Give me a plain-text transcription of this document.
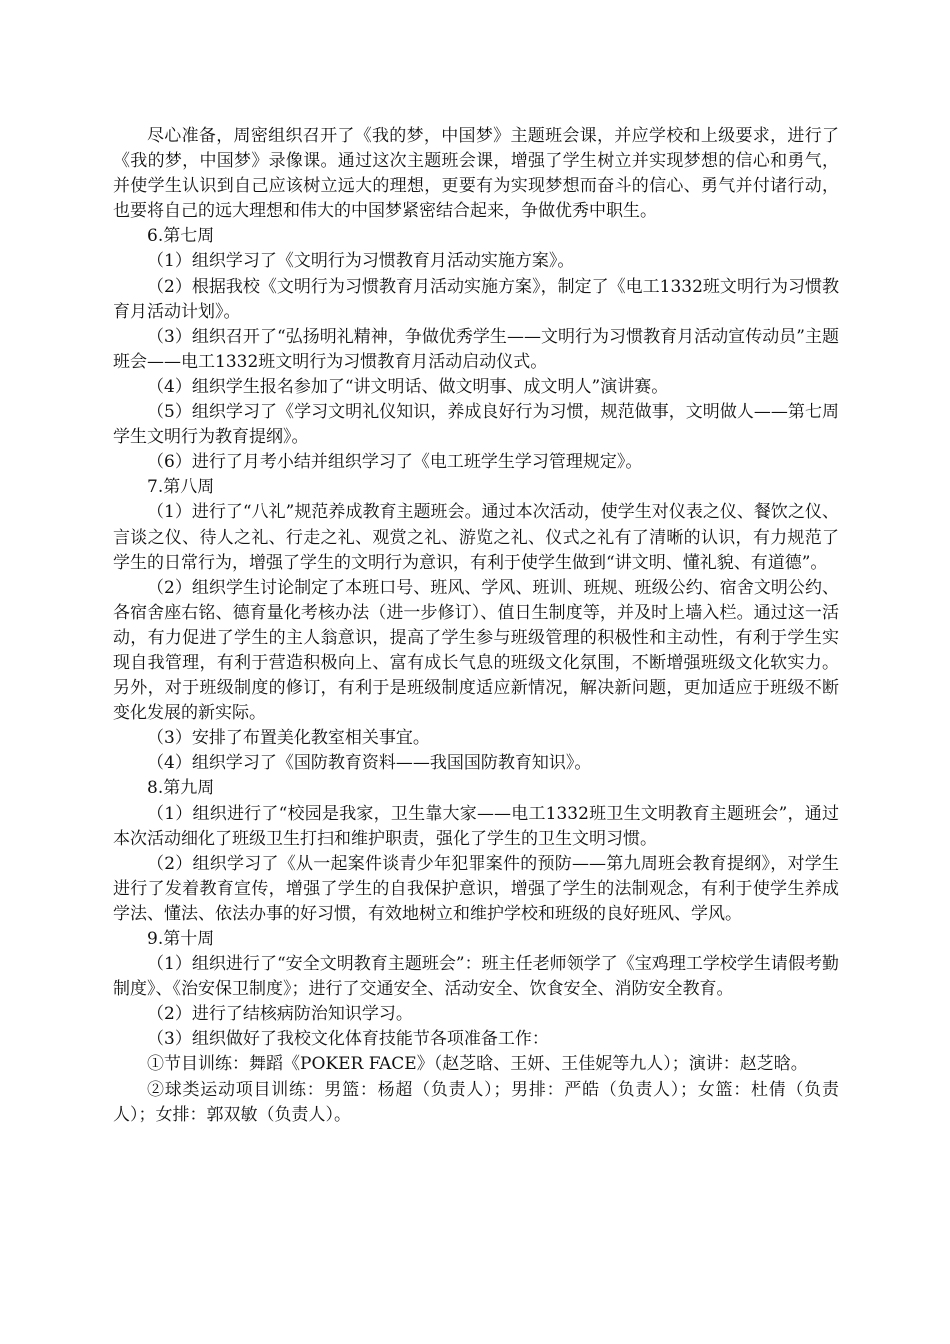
尽心准备，周密组织召开了《我的梦，中国梦》主题班会课，并应学校和上级要求，进行了《我的梦，中国梦》录像课。通过这次主题班会课，增强了学生树立并实现梦想的信心和勇气，并使学生认识到自己应该树立远大的理想，更要有为实现梦想而奋斗的信心、勇气并付诸行动，也要将自己的远大理想和伟大的中国梦紧密结合起来，争做优秀中职生。

6.第七周

（1）组织学习了《文明行为习惯教育月活动实施方案》。

（2）根据我校《文明行为习惯教育月活动实施方案》，制定了《电工1332班文明行为习惯教育月活动计划》。

（3）组织召开了“弘扬明礼精神，争做优秀学生——文明行为习惯教育月活动宣传动员”主题班会——电工1332班文明行为习惯教育月活动启动仪式。

（4）组织学生报名参加了“讲文明话、做文明事、成文明人”演讲赛。

（5）组织学习了《学习文明礼仪知识，养成良好行为习惯，规范做事，文明做人——第七周学生文明行为教育提纲》。

（6）进行了月考小结并组织学习了《电工班学生学习管理规定》。

7.第八周

（1）进行了“八礼”规范养成教育主题班会。通过本次活动，使学生对仪表之仪、餐饮之仪、言谈之仪、待人之礼、行走之礼、观赏之礼、游览之礼、仪式之礼有了清晰的认识，有力规范了学生的日常行为，增强了学生的文明行为意识，有利于使学生做到“讲文明、懂礼貌、有道德”。

（2）组织学生讨论制定了本班口号、班风、学风、班训、班规、班级公约、宿舍文明公约、各宿舍座右铭、德育量化考核办法（进一步修订）、值日生制度等，并及时上墙入栏。通过这一活动，有力促进了学生的主人翁意识，提高了学生参与班级管理的积极性和主动性，有利于学生实现自我管理，有利于营造积极向上、富有成长气息的班级文化氛围，不断增强班级文化软实力。另外，对于班级制度的修订，有利于是班级制度适应新情况，解决新问题，更加适应于班级不断变化发展的新实际。

（3）安排了布置美化教室相关事宜。

（4）组织学习了《国防教育资料——我国国防教育知识》。

8.第九周

（1）组织进行了“校园是我家，卫生靠大家——电工1332班卫生文明教育主题班会”，通过本次活动细化了班级卫生打扫和维护职责，强化了学生的卫生文明习惯。

（2）组织学习了《从一起案件谈青少年犯罪案件的预防——第九周班会教育提纲》，对学生进行了发着教育宣传，增强了学生的自我保护意识，增强了学生的法制观念，有利于使学生养成学法、懂法、依法办事的好习惯，有效地树立和维护学校和班级的良好班风、学风。

9.第十周

（1）组织进行了“安全文明教育主题班会”：班主任老师领学了《宝鸡理工学校学生请假考勤制度》、《治安保卫制度》；进行了交通安全、活动安全、饮食安全、消防安全教育。

（2）进行了结核病防治知识学习。

（3）组织做好了我校文化体育技能节各项准备工作：

①节目训练：舞蹈《POKER FACE》（赵芝晗、王妍、王佳妮等九人）；演讲：赵芝晗。

②球类运动项目训练：男篮：杨超（负责人）；男排：严皓（负责人）；女篮：杜倩（负责人）；女排：郭双敏（负责人）。
